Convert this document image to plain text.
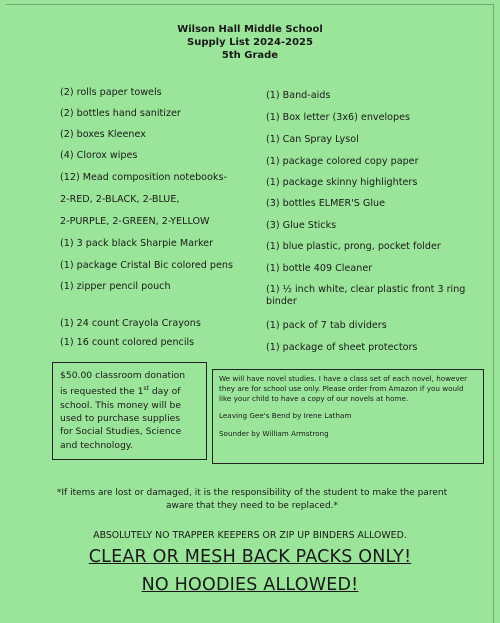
Wilson Hall Middle School
Supply List 2024-2025
5th Grade
(2) rolls paper towels
(2) bottles hand sanitizer
(2) boxes Kleenex
(4) Clorox wipes
(12) Mead composition notebooks-
2-RED, 2-BLACK, 2-BLUE,
2-PURPLE, 2-GREEN, 2-YELLOW
(1) 3 pack black Sharpie Marker
(1) package Cristal Bic colored pens
(1) zipper pencil pouch
(1) 24 count Crayola Crayons
(1) 16 count colored pencils
(1) Band-aids
(1) Box letter (3x6) envelopes
(1) Can Spray Lysol
(1) package colored copy paper
(1) package skinny highlighters
(3) bottles ELMER'S Glue
(3) Glue Sticks
(1) blue plastic, prong, pocket folder
(1) bottle 409 Cleaner
(1) ½ inch white, clear plastic front 3 ring binder
(1) pack of 7 tab dividers
(1) package of sheet protectors
$50.00 classroom donation
is requested the 1st day of
school. This money will be
used to purchase supplies
for Social Studies, Science
and technology.
We will have novel studies. I have a class set of each novel, however they are for school use only. Please order from Amazon if you would like your child to have a copy of our novels at home.
Leaving Gee's Bend by Irene Latham
Sounder by William Armstrong
*If items are lost or damaged, it is the responsibility of the student to make the parent aware that they need to be replaced.*
ABSOLUTELY NO TRAPPER KEEPERS OR ZIP UP BINDERS ALLOWED.
CLEAR OR MESH BACK PACKS ONLY!
NO HOODIES ALLOWED!
